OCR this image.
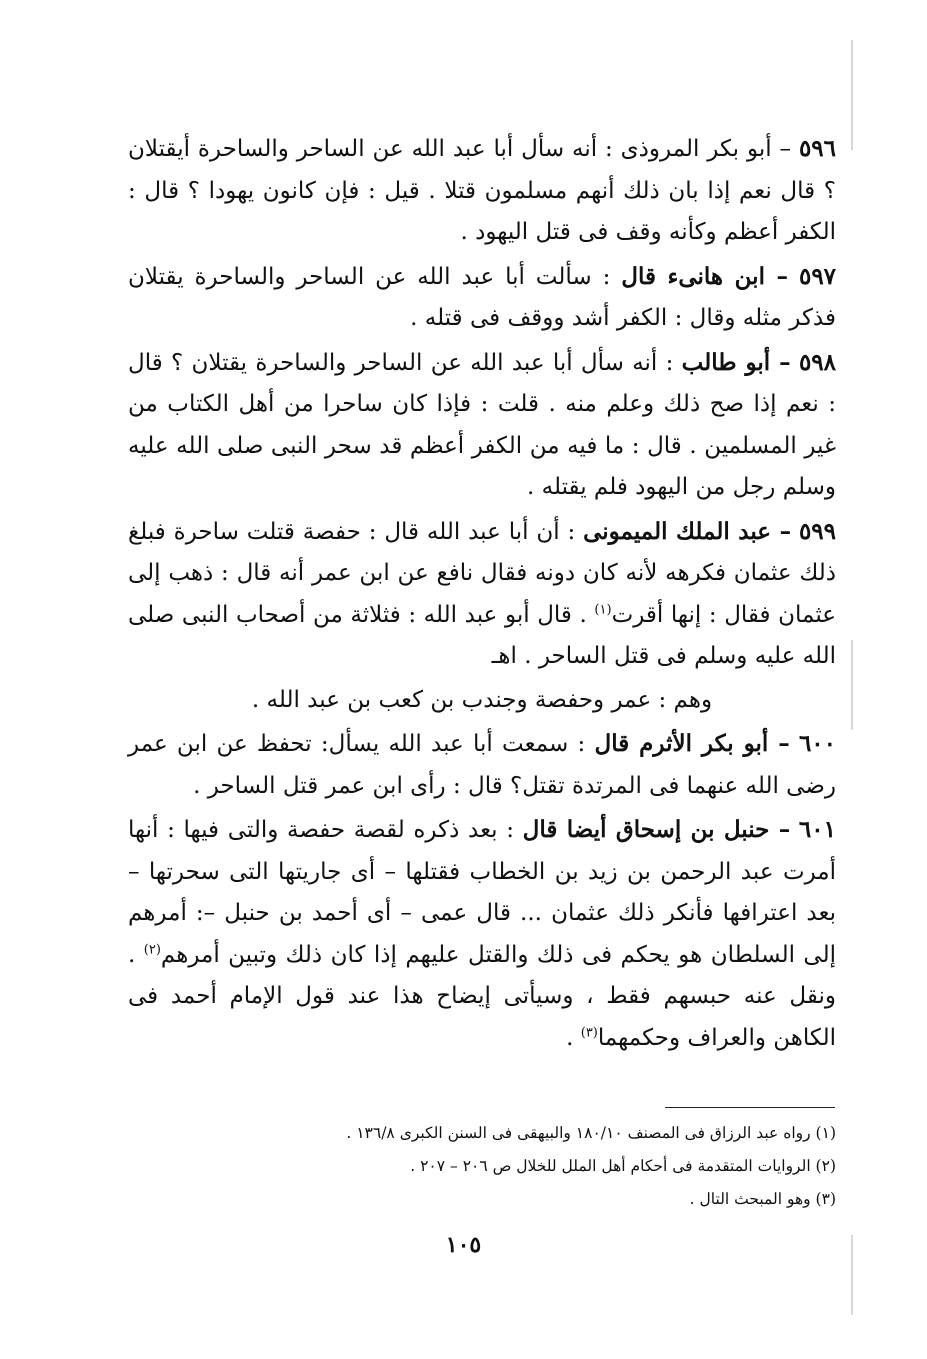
٥٩٦ – أبو بكر المروذى : أنه سأل أبا عبد الله عن الساحر والساحرة أيقتلان ؟ قال نعم إذا بان ذلك أنهم مسلمون قتلا . قيل : فإن كانون يهودا ؟ قال : الكفر أعظم وكأنه وقف فى قتل اليهود .

٥٩٧ – ابن هانىء قال : سألت أبا عبد الله عن الساحر والساحرة يقتلان فذكر مثله وقال : الكفر أشد ووقف فى قتله .

٥٩٨ – أبو طالب : أنه سأل أبا عبد الله عن الساحر والساحرة يقتلان ؟ قال : نعم إذا صح ذلك وعلم منه . قلت : فإذا كان ساحرا من أهل الكتاب من غير المسلمين . قال : ما فيه من الكفر أعظم قد سحر النبى صلى الله عليه وسلم رجل من اليهود فلم يقتله .

٥٩٩ – عبد الملك الميمونى : أن أبا عبد الله قال : حفصة قتلت ساحرة فبلغ ذلك عثمان فكرهه لأنه كان دونه فقال نافع عن ابن عمر أنه قال : ذهب إلى عثمان فقال : إنها أقرت$^{(١)}$ . قال أبو عبد الله : فثلاثة من أصحاب النبى صلى الله عليه وسلم فى قتل الساحر . اهـ

وهم : عمر وحفصة وجندب بن كعب بن عبد الله .

٦٠٠ – أبو بكر الأثرم قال : سمعت أبا عبد الله يسأل: تحفظ عن ابن عمر رضى الله عنهما فى المرتدة تقتل؟ قال : رأى ابن عمر قتل الساحر .

٦٠١ – حنبل بن إسحاق أيضا قال : بعد ذكره لقصة حفصة والتى فيها : أنها أمرت عبد الرحمن بن زيد بن الخطاب فقتلها – أى جاريتها التى سحرتها – بعد اعترافها فأنكر ذلك عثمان ... قال عمى – أى أحمد بن حنبل –: أمرهم إلى السلطان هو يحكم فى ذلك والقتل عليهم إذا كان ذلك وتبين أمرهم$^{(٢)}$ . ونقل عنه حبسهم فقط ، وسيأتى إيضاح هذا عند قول الإمام أحمد فى الكاهن والعراف وحكمهما$^{(٣)}$ .

(١) رواه عبد الرزاق فى المصنف ١٨٠/١٠ والبيهقى فى السنن الكبرى ١٣٦/٨ .

(٢) الروايات المتقدمة فى أحكام أهل الملل للخلال ص ٢٠٦ – ٢٠٧ .

(٣) وهو المبحث التال .

١٠٥
